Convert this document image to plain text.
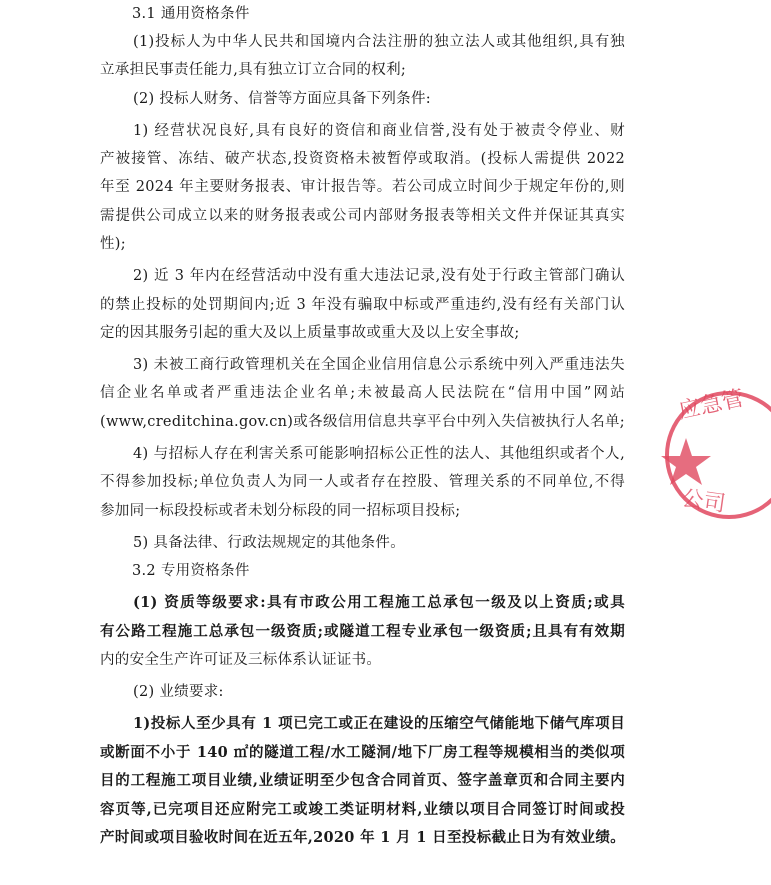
3.1 通用资格条件
(1)投标人为中华人民共和国境内合法注册的独立法人或其他组织,具有独
立承担民事责任能力,具有独立订立合同的权利;
(2) 投标人财务、信誉等方面应具备下列条件:
1) 经营状况良好,具有良好的资信和商业信誉,没有处于被责令停业、财
产被接管、冻结、破产状态,投资资格未被暂停或取消。(投标人需提供 2022
年至 2024 年主要财务报表、审计报告等。若公司成立时间少于规定年份的,则
需提供公司成立以来的财务报表或公司内部财务报表等相关文件并保证其真实
性);
2) 近 3 年内在经营活动中没有重大违法记录,没有处于行政主管部门确认
的禁止投标的处罚期间内;近 3 年没有骗取中标或严重违约,没有经有关部门认
定的因其服务引起的重大及以上质量事故或重大及以上安全事故;
3) 未被工商行政管理机关在全国企业信用信息公示系统中列入严重违法失
信企业名单或者严重违法企业名单;未被最高人民法院在“信用中国”网站
(www,creditchina.gov.cn)或各级信用信息共享平台中列入失信被执行人名单;
4) 与招标人存在利害关系可能影响招标公正性的法人、其他组织或者个人,
不得参加投标;单位负责人为同一人或者存在控股、管理关系的不同单位,不得
参加同一标段投标或者未划分标段的同一招标项目投标;
5) 具备法律、行政法规规定的其他条件。
3.2 专用资格条件
(1) 资质等级要求:具有市政公用工程施工总承包一级及以上资质;或具
有公路工程施工总承包一级资质;或隧道工程专业承包一级资质;且具有有效期
内的安全生产许可证及三标体系认证证书。
(2) 业绩要求:
1)投标人至少具有 1 项已完工或正在建设的压缩空气储能地下储气库项目
或断面不小于 140 ㎡的隧道工程/水工隧洞/地下厂房工程等规模相当的类似项
目的工程施工项目业绩,业绩证明至少包含合同首页、签字盖章页和合同主要内
容页等,已完项目还应附完工或竣工类证明材料,业绩以项目合同签订时间或投
产时间或项目验收时间在近五年,2020 年 1 月 1 日至投标截止日为有效业绩。
应急管
公司
